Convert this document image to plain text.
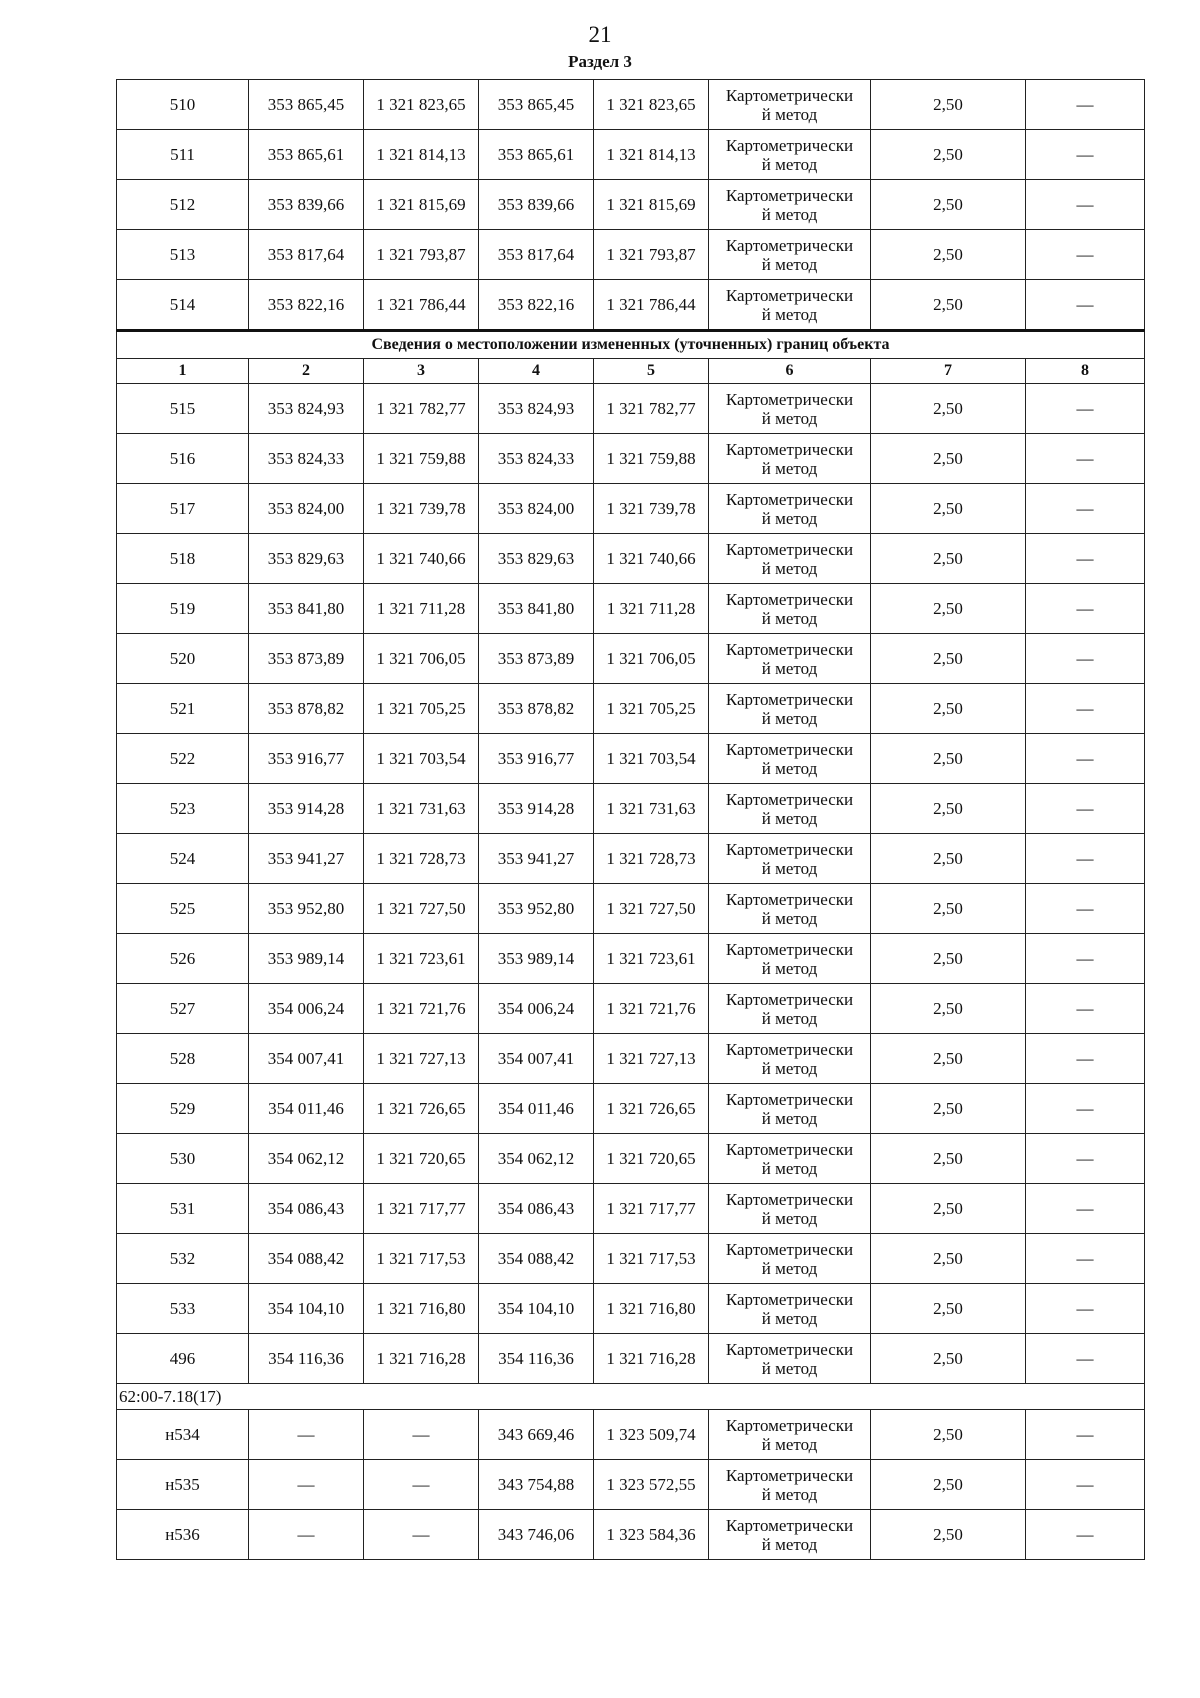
21
Раздел 3
510	353 865,45	1 321 823,65	353 865,45	1 321 823,65	Картометрически
й метод	2,50	—
511	353 865,61	1 321 814,13	353 865,61	1 321 814,13	Картометрически
й метод	2,50	—
512	353 839,66	1 321 815,69	353 839,66	1 321 815,69	Картометрически
й метод	2,50	—
513	353 817,64	1 321 793,87	353 817,64	1 321 793,87	Картометрически
й метод	2,50	—
514	353 822,16	1 321 786,44	353 822,16	1 321 786,44	Картометрически
й метод	2,50	—
Сведения о местоположении измененных (уточненных) границ объекта							
1	2	3	4	5	6	7	8
515	353 824,93	1 321 782,77	353 824,93	1 321 782,77	Картометрически
й метод	2,50	—
516	353 824,33	1 321 759,88	353 824,33	1 321 759,88	Картометрически
й метод	2,50	—
517	353 824,00	1 321 739,78	353 824,00	1 321 739,78	Картометрически
й метод	2,50	—
518	353 829,63	1 321 740,66	353 829,63	1 321 740,66	Картометрически
й метод	2,50	—
519	353 841,80	1 321 711,28	353 841,80	1 321 711,28	Картометрически
й метод	2,50	—
520	353 873,89	1 321 706,05	353 873,89	1 321 706,05	Картометрически
й метод	2,50	—
521	353 878,82	1 321 705,25	353 878,82	1 321 705,25	Картометрически
й метод	2,50	—
522	353 916,77	1 321 703,54	353 916,77	1 321 703,54	Картометрически
й метод	2,50	—
523	353 914,28	1 321 731,63	353 914,28	1 321 731,63	Картометрически
й метод	2,50	—
524	353 941,27	1 321 728,73	353 941,27	1 321 728,73	Картометрически
й метод	2,50	—
525	353 952,80	1 321 727,50	353 952,80	1 321 727,50	Картометрически
й метод	2,50	—
526	353 989,14	1 321 723,61	353 989,14	1 321 723,61	Картометрически
й метод	2,50	—
527	354 006,24	1 321 721,76	354 006,24	1 321 721,76	Картометрически
й метод	2,50	—
528	354 007,41	1 321 727,13	354 007,41	1 321 727,13	Картометрически
й метод	2,50	—
529	354 011,46	1 321 726,65	354 011,46	1 321 726,65	Картометрически
й метод	2,50	—
530	354 062,12	1 321 720,65	354 062,12	1 321 720,65	Картометрически
й метод	2,50	—
531	354 086,43	1 321 717,77	354 086,43	1 321 717,77	Картометрически
й метод	2,50	—
532	354 088,42	1 321 717,53	354 088,42	1 321 717,53	Картометрически
й метод	2,50	—
533	354 104,10	1 321 716,80	354 104,10	1 321 716,80	Картометрически
й метод	2,50	—
496	354 116,36	1 321 716,28	354 116,36	1 321 716,28	Картометрически
й метод	2,50	—
62:00-7.18(17)							
н534	—	—	343 669,46	1 323 509,74	Картометрически
й метод	2,50	—
н535	—	—	343 754,88	1 323 572,55	Картометрически
й метод	2,50	—
н536	—	—	343 746,06	1 323 584,36	Картометрически
й метод	2,50	—
